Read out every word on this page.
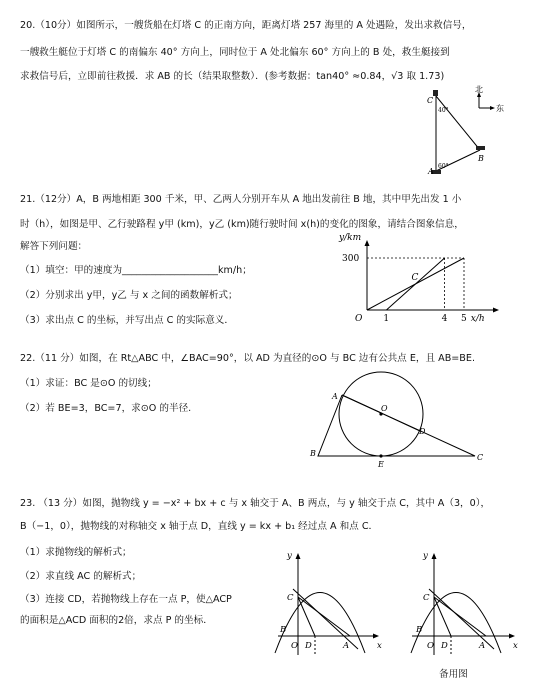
20.（10分）如图所示，一艘货船在灯塔 C 的正南方向，距离灯塔 257 海里的 A 处遇险，发出求救信号，
一艘救生艇位于灯塔 C 的南偏东 40° 方向上，同时位于 A 处北偏东 60° 方向上的 B 处，救生艇接到
求救信号后，立即前往救援．求 AB 的长（结果取整数）．(参考数据：tan40° ≈0.84，√3 取 1.73)
北
东
C
B
A
40°
60°
21.（12分）A，B 两地相距 300 千米，甲、乙两人分别开车从 A 地出发前往 B 地，其中甲先出发 1 小
时（h），如图是甲、乙行驶路程 y甲 (km)，y乙 (km)随行驶时间 x(h)的变化的图象，请结合图象信息，
解答下列问题：
（1）填空：甲的速度为____________________km/h；
（2）分别求出 y甲，y乙 与 x 之间的函数解析式；
（3）求出点 C 的坐标，并写出点 C 的实际意义．	1	4 5
300
y/km
x/h
O
C
22.（11 分）如图，在 Rt△ABC 中，∠BAC=90°，以 AD 为直径的⊙O 与 BC 边有公共点 E，且 AB=BE.
（1）求证：BC 是⊙O 的切线；
（2）若 BE=3，BC=7，求⊙O 的半径.
A
O
D
B
E
C
23. （13 分）如图，抛物线 y = −x² + bx + c 与 x 轴交于 A、B 两点，与 y 轴交于点 C，其中 A（3，0），
B（−1，0），抛物线的对称轴交 x 轴于点 D，直线 y = kx + b₁ 经过点 A 和点 C．
（1）求抛物线的解析式；
（2）求直线 AC 的解析式；
（3）连接 CD，若抛物线上存在一点 P，使△ACP
的面积是△ACD 面积的2倍，求点 P 的坐标．
y
C
B
O D	A	x
y
C
B
O D	A	x
备用图
